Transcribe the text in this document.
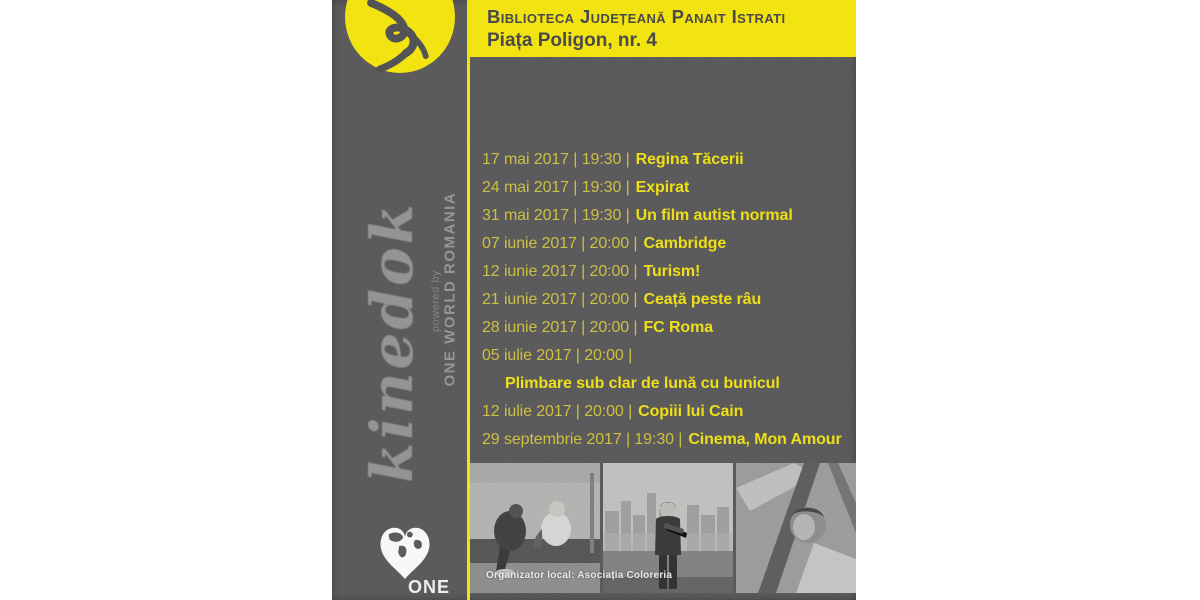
kinedok powered by ONE WORLD ROMANIA
ONE
Biblioteca Județeană Panait Istrati
Piața Poligon, nr. 4
17 mai 2017 | 19:30 | Regina Tăcerii
24 mai 2017 | 19:30 | Expirat
31 mai 2017 | 19:30 | Un film autist normal
07 iunie 2017 | 20:00 | Cambridge
12 iunie 2017 | 20:00 | Turism!
21 iunie 2017 | 20:00 | Ceață peste râu
28 iunie 2017 | 20:00 | FC Roma
05 iulie 2017 | 20:00 |
Plimbare sub clar de lună cu bunicul
12 iulie 2017 | 20:00 | Copiii lui Cain
29 septembrie 2017 | 19:30 | Cinema, Mon Amour
Organizator local: Asociația Coloreria
